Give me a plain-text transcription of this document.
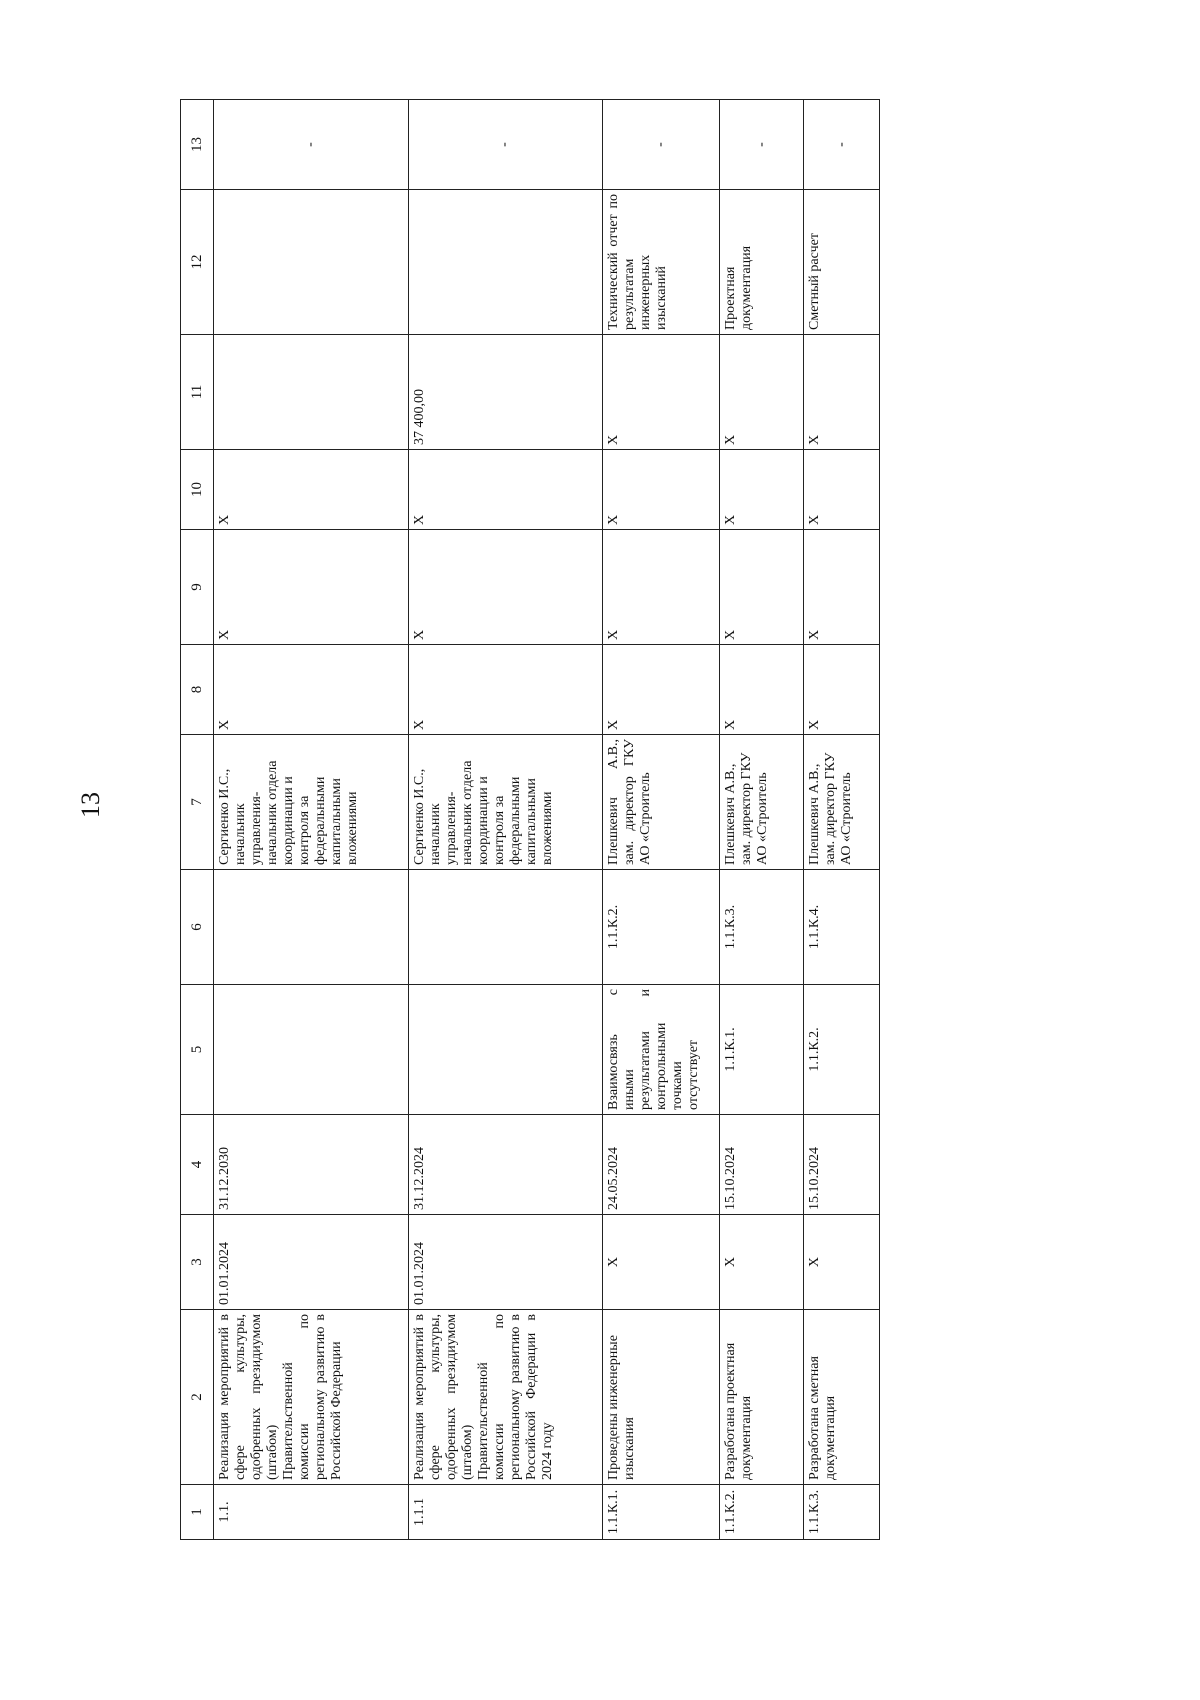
13
1	2	3	4	5	6	7	8	9	10	11	12	13
1.1.	Реализация мероприятий в сфере культуры, одобренных президиумом (штабом) Правительственной комиссии по региональному развитию в Российской Федерации	01.01.2024	31.12.2030			Сергиенко И.С., начальник управления-начальник отдела координации и контроля за федеральными капитальными вложениями	Х	Х	Х			-
1.1.1	Реализация мероприятий в сфере культуры, одобренных президиумом (штабом) Правительственной комиссии по региональному развитию в Российской Федерации в 2024 году	01.01.2024	31.12.2024			Сергиенко И.С., начальник управления-начальник отдела координации и контроля за федеральными капитальными вложениями	Х	Х	Х	37 400,00		-
1.1.К.1.	Проведены инженерные изыскания	Х	24.05.2024	Взаимосвязь с иными результатами и контрольными точками отсутствует	1.1.К.2.	Плешкевич А.В., зам. директор ГКУ АО «Строитель	Х	Х	Х	Х	Технический отчет по результатам инженерных изысканий	-
1.1.К.2.	Разработана проектная документация	Х	15.10.2024	1.1.К.1.	1.1.К.3.	Плешкевич А.В., зам. директор ГКУ АО «Строитель	Х	Х	Х	Х	Проектная документация	-
1.1.К.3.	Разработана сметная документация	Х	15.10.2024	1.1.К.2.	1.1.К.4.	Плешкевич А.В., зам. директор ГКУ АО «Строитель	Х	Х	Х	Х	Сметный расчет	-
